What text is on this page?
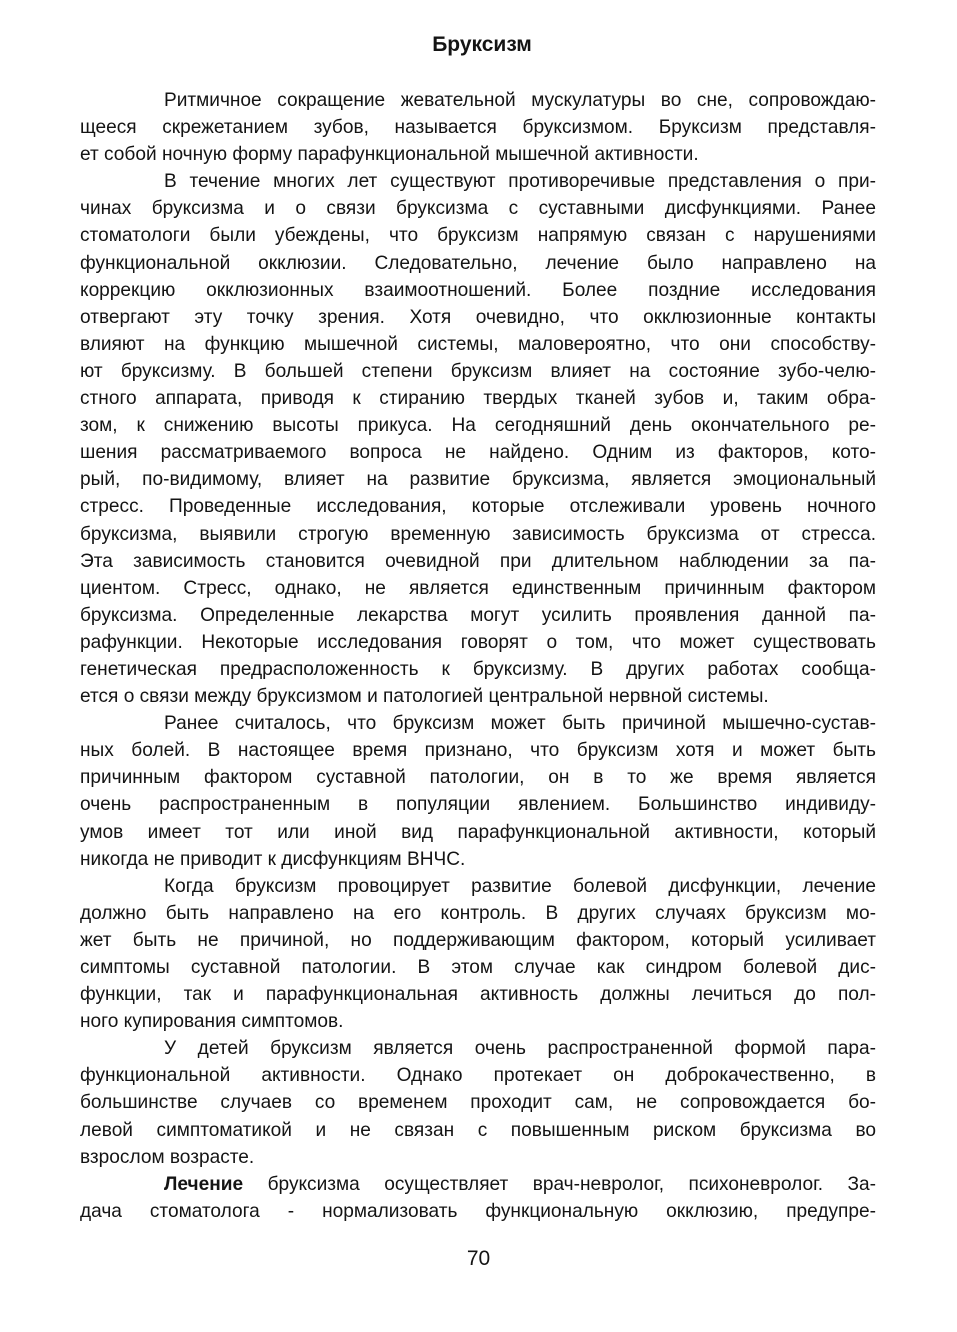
Бруксизм
Ритмичное сокращение жевательной мускулатуры во сне, сопровождаю-
щееся скрежетанием зубов, называется бруксизмом. Бруксизм представля-
ет собой ночную форму парафункциональной мышечной активности.
В течение многих лет существуют противоречивые представления о при-
чинах бруксизма и о связи бруксизма с суставными дисфункциями. Ранее
стоматологи были убеждены, что бруксизм напрямую связан с нарушениями
функциональной окклюзии. Следовательно, лечение было направлено на
коррекцию окклюзионных взаимоотношений. Более поздние исследования
отвергают эту точку зрения. Хотя очевидно, что окклюзионные контакты
влияют на функцию мышечной системы, маловероятно, что они способству-
ют бруксизму. В большей степени бруксизм влияет на состояние зубо-челю-
стного аппарата, приводя к стиранию твердых тканей зубов и, таким обра-
зом, к снижению высоты прикуса. На сегодняшний день окончательного ре-
шения рассматриваемого вопроса не найдено. Одним из факторов, кото-
рый, по-видимому, влияет на развитие бруксизма, является эмоциональный
стресс. Проведенные исследования, которые отслеживали уровень ночного
бруксизма, выявили строгую временную зависимость бруксизма от стресса.
Эта зависимость становится очевидной при длительном наблюдении за па-
циентом. Стресс, однако, не является единственным причинным фактором
бруксизма. Определенные лекарства могут усилить проявления данной па-
рафункции. Некоторые исследования говорят о том, что может существовать
генетическая предрасположенность к бруксизму. В других работах сообща-
ется о связи между бруксизмом и патологией центральной нервной системы.
Ранее считалось, что бруксизм может быть причиной мышечно-сустав-
ных болей. В настоящее время признано, что бруксизм хотя и может быть
причинным фактором суставной патологии, он в то же время является
очень распространенным в популяции явлением. Большинство индивиду-
умов имеет тот или иной вид парафункциональной активности, который
никогда не приводит к дисфункциям ВНЧС.
Когда бруксизм провоцирует развитие болевой дисфункции, лечение
должно быть направлено на его контроль. В других случаях бруксизм мо-
жет быть не причиной, но поддерживающим фактором, который усиливает
симптомы суставной патологии. В этом случае как синдром болевой дис-
функции, так и парафункциональная активность должны лечиться до пол-
ного купирования симптомов.
У детей бруксизм является очень распространенной формой пара-
функциональной активности. Однако протекает он доброкачественно, в
большинстве случаев со временем проходит сам, не сопровождается бо-
левой симптоматикой и не связан с повышенным риском бруксизма во
взрослом возрасте.
Лечение бруксизма осуществляет врач-невролог, психоневролог. За-
дача стоматолога - нормализовать функциональную окклюзию, предупре-
70
